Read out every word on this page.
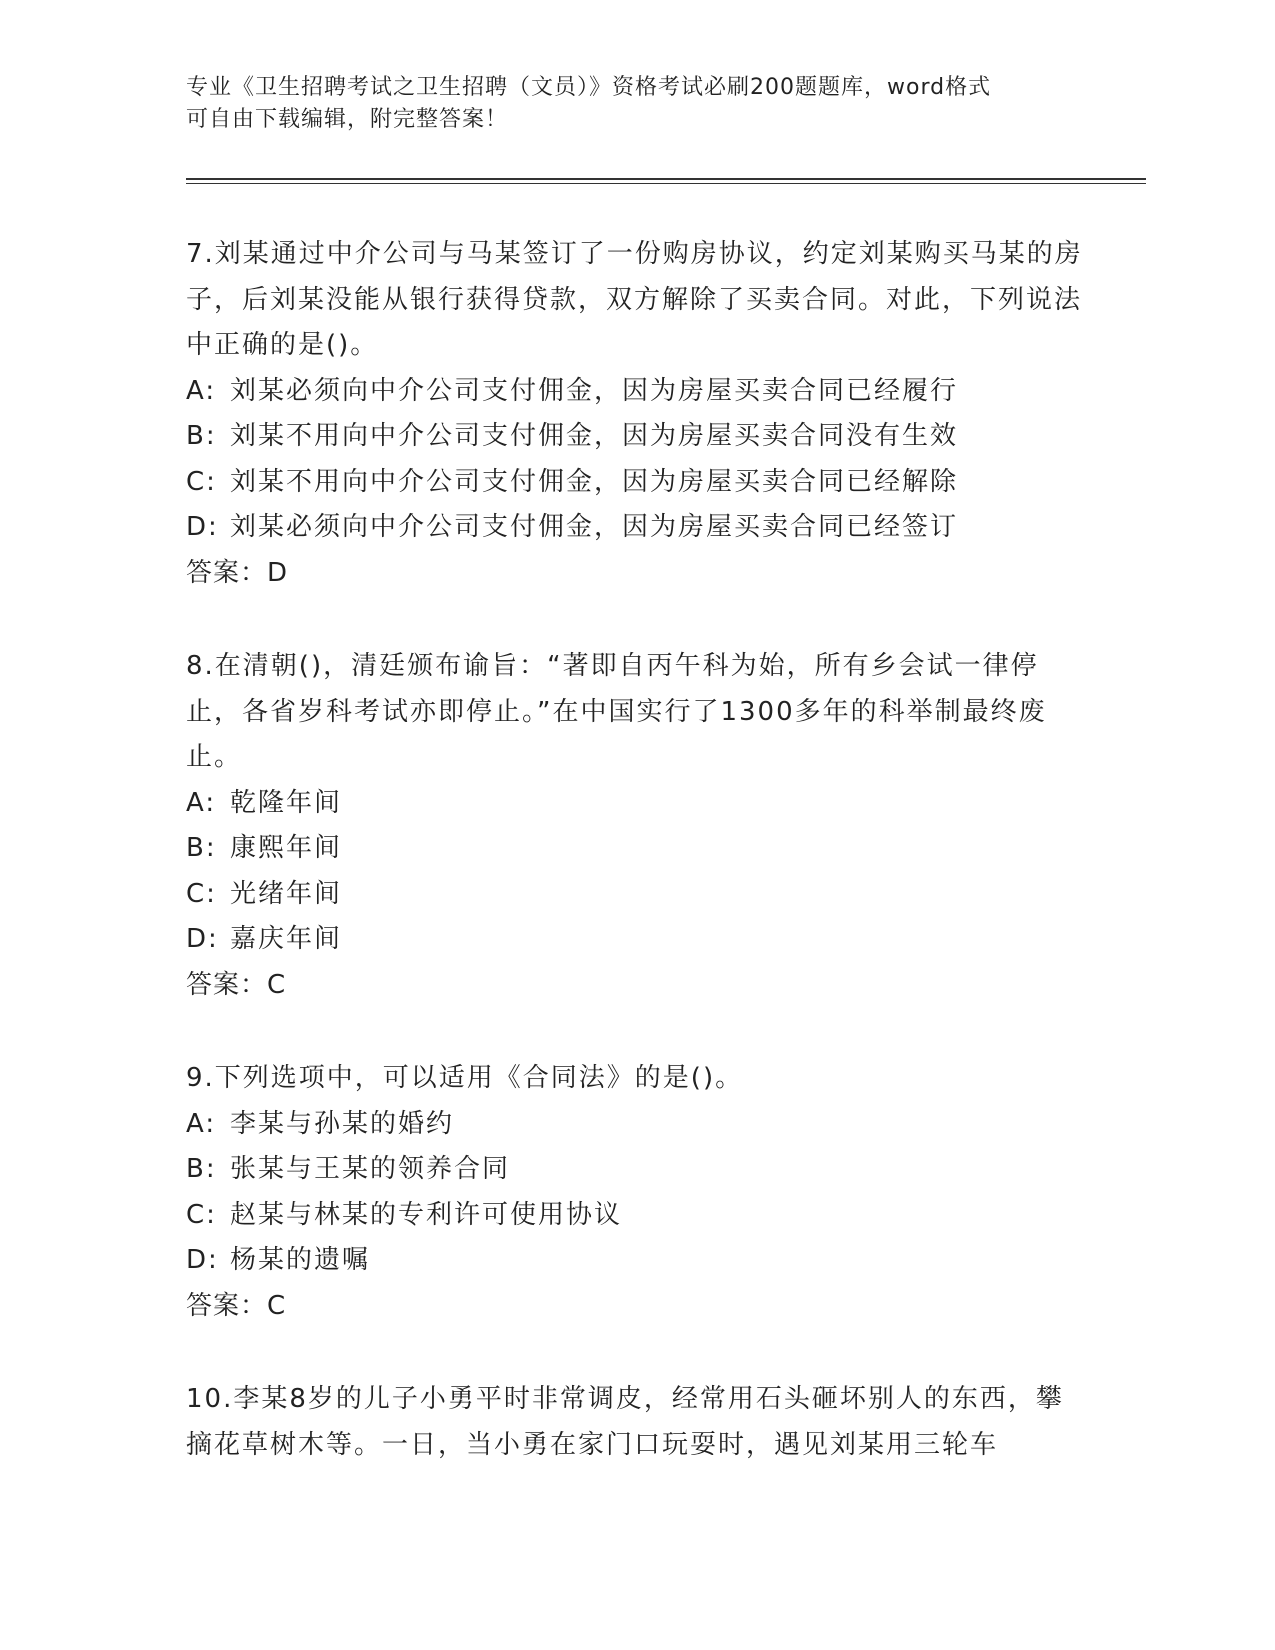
专业《卫生招聘考试之卫生招聘（文员）》资格考试必刷200题题库，word格式
可自由下载编辑，附完整答案！
7.刘某通过中介公司与马某签订了一份购房协议，约定刘某购买马某的房子，后刘某没能从银行获得贷款，双方解除了买卖合同。对此，下列说法中正确的是()。
A: 刘某必须向中介公司支付佣金，因为房屋买卖合同已经履行
B: 刘某不用向中介公司支付佣金，因为房屋买卖合同没有生效
C: 刘某不用向中介公司支付佣金，因为房屋买卖合同已经解除
D: 刘某必须向中介公司支付佣金，因为房屋买卖合同已经签订
答案：D
8.在清朝()，清廷颁布谕旨：“著即自丙午科为始，所有乡会试一律停止，各省岁科考试亦即停止。”在中国实行了1300多年的科举制最终废止。
A: 乾隆年间
B: 康熙年间
C: 光绪年间
D: 嘉庆年间
答案：C
9.下列选项中，可以适用《合同法》的是()。
A: 李某与孙某的婚约
B: 张某与王某的领养合同
C: 赵某与林某的专利许可使用协议
D: 杨某的遗嘱
答案：C
10.李某8岁的儿子小勇平时非常调皮，经常用石头砸坏别人的东西，攀摘花草树木等。一日，当小勇在家门口玩耍时，遇见刘某用三轮车
